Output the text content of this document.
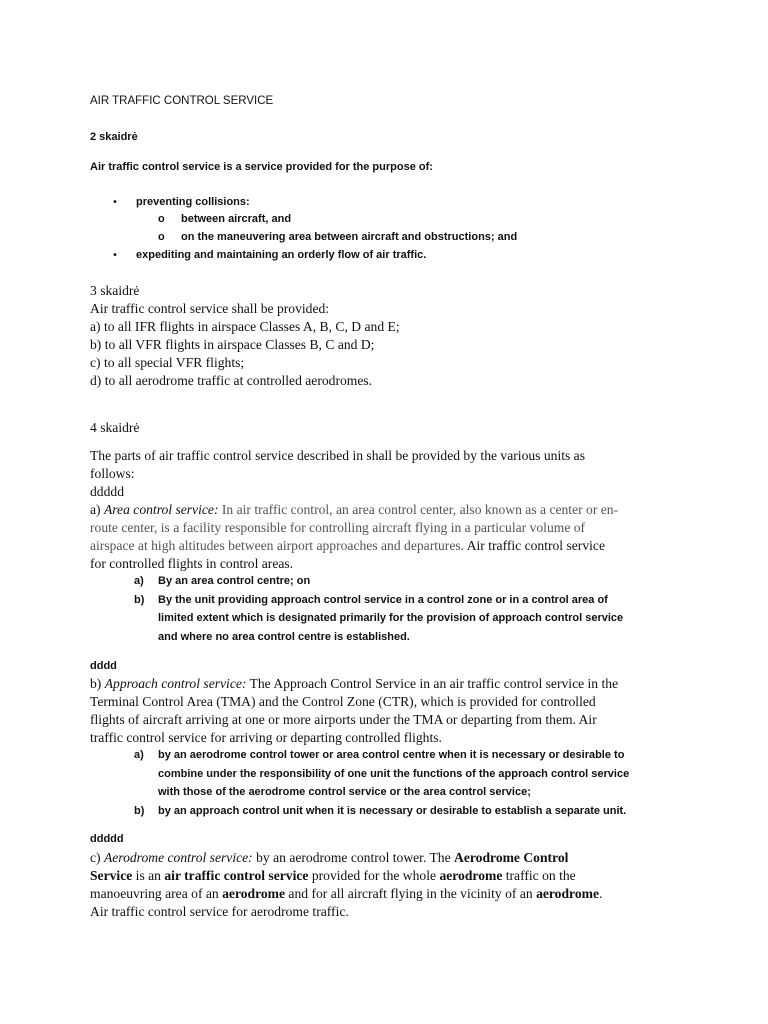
AIR TRAFFIC CONTROL SERVICE
2 skaidrė
Air traffic control service is a service provided for the purpose of:
• preventing collisions:
o between aircraft, and
o on the maneuvering area between aircraft and obstructions; and
• expediting and maintaining an orderly flow of air traffic.
3 skaidrė
Air traffic control service shall be provided:
a) to all IFR flights in airspace Classes A, B, C, D and E;
b) to all VFR flights in airspace Classes B, C and D;
c) to all special VFR flights;
d) to all aerodrome traffic at controlled aerodromes.
4 skaidrė
The parts of air traffic control service described in shall be provided by the various units as
follows:
ddddd
a) Area control service: In air traffic control, an area control center, also known as a center or en-
route center, is a facility responsible for controlling aircraft flying in a particular volume of
airspace at high altitudes between airport approaches and departures. Air traffic control service
for controlled flights in control areas.
a) By an area control centre; on
b) By the unit providing approach control service in a control zone or in a control area of
limited extent which is designated primarily for the provision of approach control service
and where no area control centre is established.
dddd
b) Approach control service: The Approach Control Service in an air traffic control service in the
Terminal Control Area (TMA) and the Control Zone (CTR), which is provided for controlled
flights of aircraft arriving at one or more airports under the TMA or departing from them. Air
traffic control service for arriving or departing controlled flights.
a) by an aerodrome control tower or area control centre when it is necessary or desirable to
combine under the responsibility of one unit the functions of the approach control service
with those of the aerodrome control service or the area control service;
b) by an approach control unit when it is necessary or desirable to establish a separate unit.
ddddd
c) Aerodrome control service: by an aerodrome control tower. The Aerodrome Control
Service is an air traffic control service provided for the whole aerodrome traffic on the
manoeuvring area of an aerodrome and for all aircraft flying in the vicinity of an aerodrome.
Air traffic control service for aerodrome traffic.
